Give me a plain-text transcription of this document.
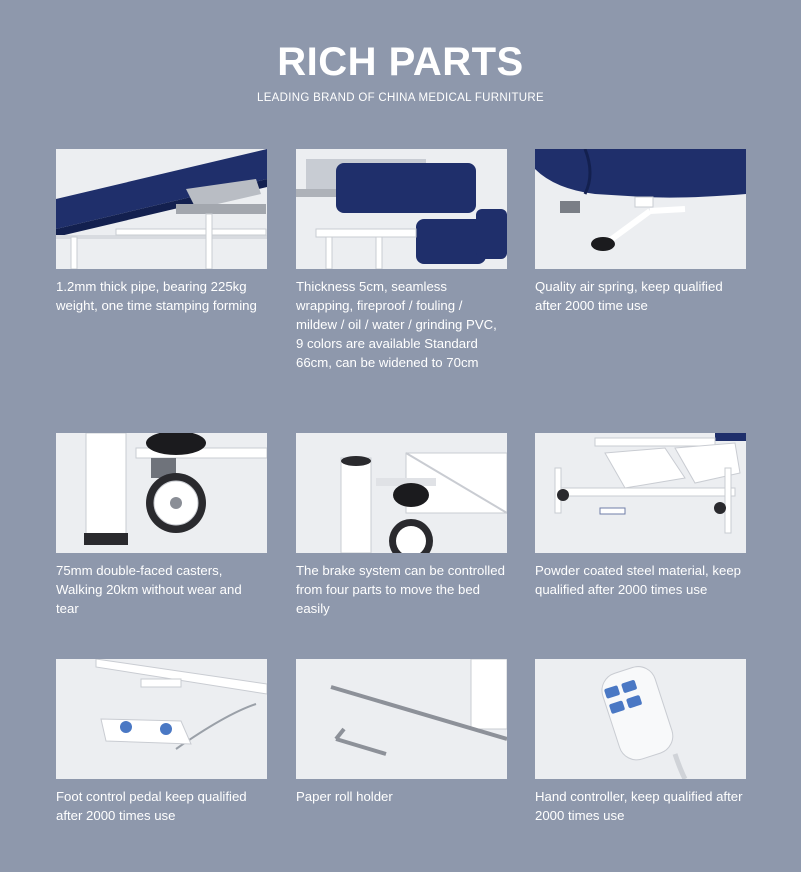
RICH PARTS
LEADING BRAND OF CHINA MEDICAL FURNITURE
1.2mm thick pipe, bearing 225kg weight, one time stamping forming
Thickness 5cm, seamless wrapping, fireproof / fouling / mildew / oil / water / grinding PVC, 9 colors are available Standard 66cm, can be widened to 70cm
Quality air spring, keep qualified after 2000 time use
75mm double-faced casters, Walking 20km without wear and tear
The brake system can be controlled from four parts to move the bed easily
Powder coated steel material, keep qualified after 2000 times use
Foot control pedal keep qualified after 2000 times use
Paper roll holder	Hand controller, keep qualified after 2000 times use
